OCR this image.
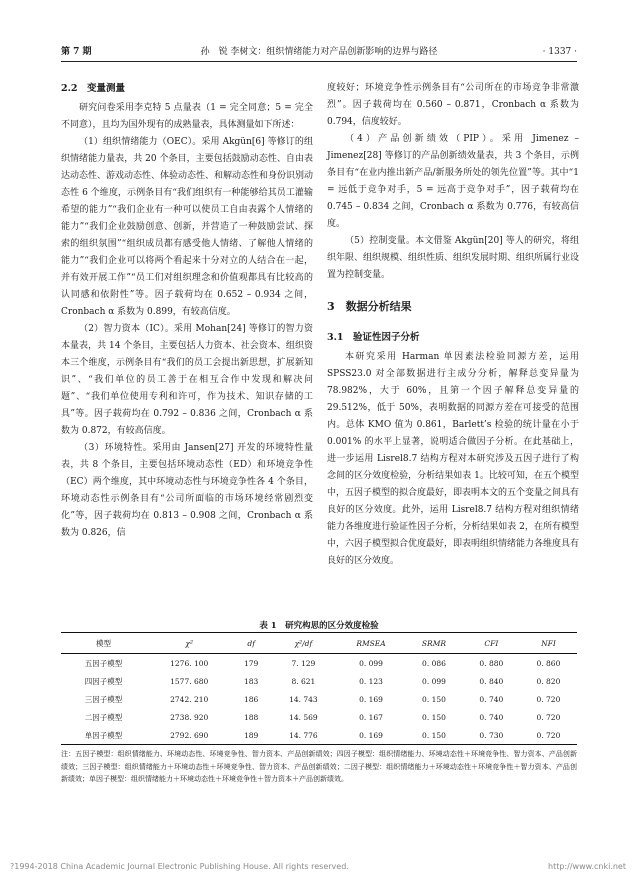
第 7 期	孙　锐 李树文：组织情绪能力对产品创新影响的边界与路径	· 1337 ·

2.2　变量测量

研究问卷采用李克特 5 点量表（1 = 完全同意；5 = 完全不同意），且均为国外现有的成熟量表，具体测量如下所述：

（1）组织情绪能力（OEC）。采用 Akgün[6] 等修订的组织情绪能力量表，共 20 个条目，主要包括鼓励动态性、自由表达动态性、游戏动态性、体验动态性、和解动态性和身份识别动态性 6 个维度，示例条目有“我们组织有一种能够给其员工灌输希望的能力”“我们企业有一种可以使员工自由表露个人情绪的能力”“我们企业鼓励创意、创新，并营造了一种鼓励尝试、探索的组织氛围”“组织成员都有感受他人情绪、了解他人情绪的能力”“我们企业可以将两个看起来十分对立的人结合在一起，并有效开展工作”“员工们对组织理念和价值观都具有比较高的认同感和依附性”等。因子载荷均在 0.652 – 0.934 之间，Cronbach α 系数为 0.899，有较高信度。

（2）智力资本（IC）。采用 Mohan[24] 等修订的智力资本量表，共 14 个条目，主要包括人力资本、社会资本、组织资本三个维度，示例条目有“我们的员工会提出新思想，扩展新知识”、“我们单位的员工善于在相互合作中发现和解决问题”、“我们单位使用专利和许可，作为技术、知识存储的工具”等。因子载荷均在 0.792 – 0.836 之间，Cronbach α 系数为 0.872，有较高信度。

（3）环境特性。采用由 Jansen[27] 开发的环境特性量表，共 8 个条目，主要包括环境动态性（ED）和环境竞争性（EC）两个维度，其中环境动态性与环境竞争性各 4 个条目，环境动态性示例条目有“公司所面临的市场环境经常剧烈变化”等，因子载荷均在 0.813 – 0.908 之间，Cronbach α 系数为 0.826，信

度较好；环境竞争性示例条目有“公司所在的市场竞争非常激烈”。因子载荷均在 0.560 – 0.871，Cronbach α 系数为 0.794，信度较好。

（4）产品创新绩效（PIP）。采用 Jimenez – Jimenez[28] 等修订的产品创新绩效量表，共 3 个条目，示例条目有“在业内推出新产品/新服务所处的领先位置”等。其中“1 = 远低于竞争对手，5 = 远高于竞争对手”，因子载荷均在 0.745 – 0.834 之间，Cronbach α 系数为 0.776，有较高信度。

（5）控制变量。本文借鉴 Akgün[20] 等人的研究，将组织年限、组织规模、组织性质、组织发展时期、组织所属行业设置为控制变量。

3　数据分析结果

3.1　验证性因子分析

本研究采用 Harman 单因素法检验同源方差，运用 SPSS23.0 对全部数据进行主成分分析，解释总变异量为 78.982%，大于 60%，且第一个因子解释总变异量的 29.512%，低于 50%，表明数据的同源方差在可接受的范围内。总体 KMO 值为 0.861，Barlett’s 检验的统计量在小于 0.001% 的水平上显著，说明适合做因子分析。在此基础上，进一步运用 Lisrel8.7 结构方程对本研究涉及五因子进行了构念间的区分效度检验，分析结果如表 1。比较可知，在五个模型中，五因子模型的拟合度最好，即表明本文的五个变量之间具有良好的区分效度。此外，运用 Lisrel8.7 结构方程对组织情绪能力各维度进行验证性因子分析，分析结果如表 2，在所有模型中，六因子模型拟合优度最好，即表明组织情绪能力各维度具有良好的区分效度。

表 1　研究构思的区分效度检验
模型	χ²	df	χ²/df	RMSEA	SRMR	CFI	NFI
五因子模型	1276. 100	179	7. 129	0. 099	0. 086	0. 880	0. 860
四因子模型	1577. 680	183	8. 621	0. 123	0. 099	0. 840	0. 820
三因子模型	2742. 210	186	14. 743	0. 169	0. 150	0. 740	0. 720
二因子模型	2738. 920	188	14. 569	0. 167	0. 150	0. 740	0. 720
单因子模型	2792. 690	189	14. 776	0. 169	0. 150	0. 730	0. 720
注：五因子模型：组织情绪能力、环境动态性、环境竞争性、智力资本、产品创新绩效；四因子模型：组织情绪能力、环境动态性＋环境竞争性、智力资本、产品创新绩效；三因子模型：组织情绪能力＋环境动态性＋环境竞争性、智力资本、产品创新绩效；二因子模型：组织情绪能力＋环境动态性＋环境竞争性＋智力资本、产品创新绩效；单因子模型：组织情绪能力＋环境动态性＋环境竞争性＋智力资本＋产品创新绩效。
?1994-2018 China Academic Journal Electronic Publishing House. All rights reserved.	http://www.cnki.net
